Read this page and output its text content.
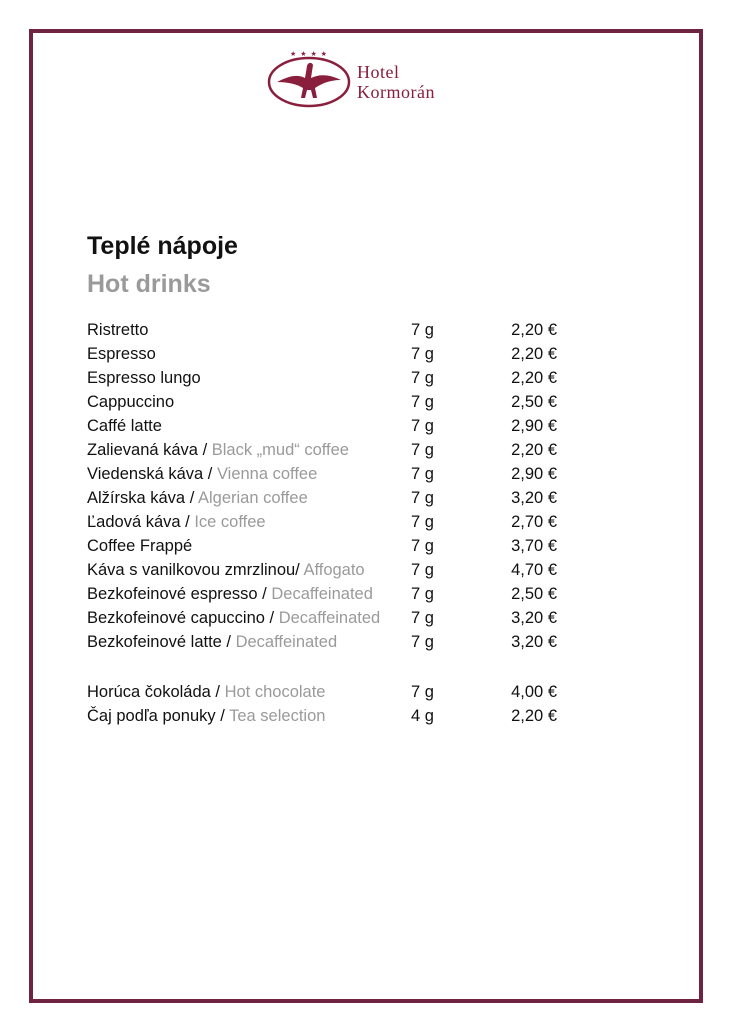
★ ★ ★ ★
Hotel
Kormorán
Teplé nápoje
Hot drinks
Ristretto	7 g	2,20 €
Espresso	7 g	2,20 €
Espresso lungo	7 g	2,20 €
Cappuccino	7 g	2,50 €
Caffé latte	7 g	2,90 €
Zalievaná káva / Black „mud“ coffee	7 g	2,20 €
Viedenská káva / Vienna coffee	7 g	2,90 €
Alžírska káva / Algerian coffee	7 g	3,20 €
Ľadová káva / Ice coffee	7 g	2,70 €
Coffee Frappé	7 g	3,70 €
Káva s vanilkovou zmrzlinou/ Affogato	7 g	4,70 €
Bezkofeinové espresso / Decaffeinated 7 g	2,50 €
Bezkofeinové capuccino / Decaffeinated 7 g	3,20 €
Bezkofeinové latte / Decaffeinated	7 g	3,20 €
Horúca čokoláda / Hot chocolate	7 g	4,00 €
Čaj podľa ponuky / Tea selection	4 g	2,20 €
